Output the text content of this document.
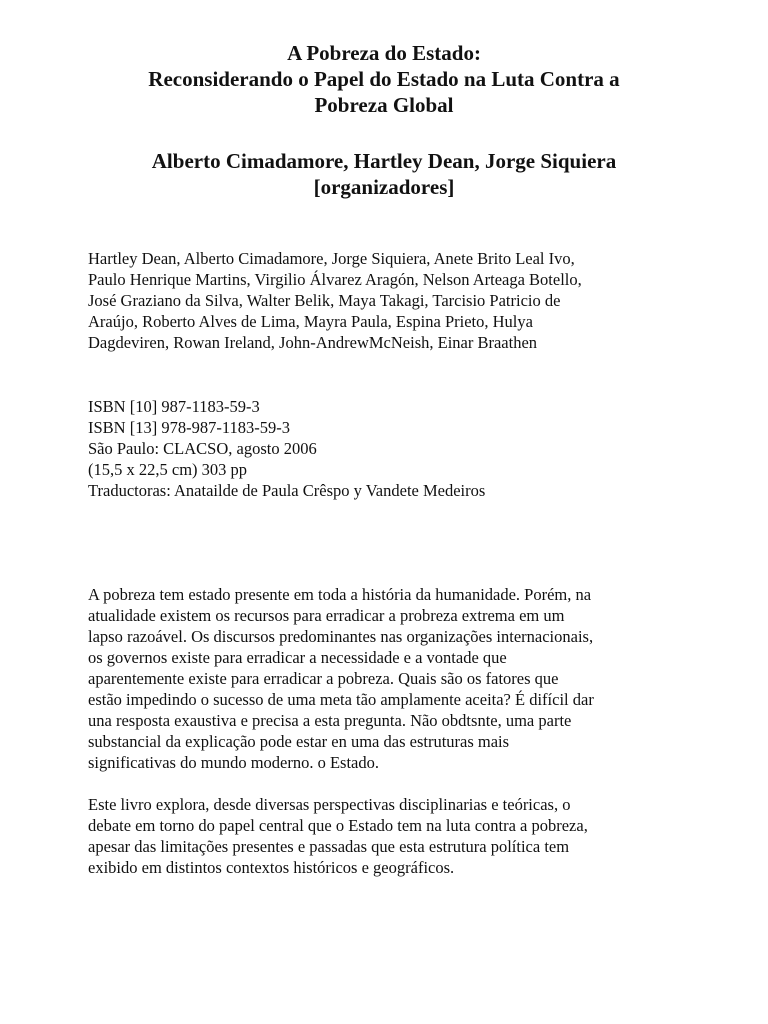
A Pobreza do Estado:
Reconsiderando o Papel do Estado na Luta Contra a
Pobreza Global
Alberto Cimadamore, Hartley Dean, Jorge Siquiera
[organizadores]
Hartley Dean, Alberto Cimadamore, Jorge Siquiera, Anete Brito Leal Ivo,
Paulo Henrique Martins, Virgilio Álvarez Aragón, Nelson Arteaga Botello,
José Graziano da Silva, Walter Belik, Maya Takagi, Tarcisio Patricio de
Araújo, Roberto Alves de Lima, Mayra Paula, Espina Prieto, Hulya
Dagdeviren, Rowan Ireland, John-AndrewMcNeish, Einar Braathen
ISBN [10] 987-1183-59-3
ISBN [13] 978-987-1183-59-3
São Paulo: CLACSO, agosto 2006
(15,5 x 22,5 cm) 303 pp
Traductoras: Anatailde de Paula Crêspo y Vandete Medeiros
A pobreza tem estado presente em toda a história da humanidade. Porém, na
atualidade existem os recursos para erradicar a probreza extrema em um
lapso razoável. Os discursos predominantes nas organizações internacionais,
os governos existe para erradicar a necessidade e a vontade que
aparentemente existe para erradicar a pobreza. Quais são os fatores que
estão impedindo o sucesso de uma meta tão amplamente aceita? É difícil dar
una resposta exaustiva e precisa a esta pregunta. Não obdtsnte, uma parte
substancial da explicação pode estar en uma das estruturas mais
significativas do mundo moderno. o Estado.
Este livro explora, desde diversas perspectivas disciplinarias e teóricas, o
debate em torno do papel central que o Estado tem na luta contra a pobreza,
apesar das limitações presentes e passadas que esta estrutura política tem
exibido em distintos contextos históricos e geográficos.
